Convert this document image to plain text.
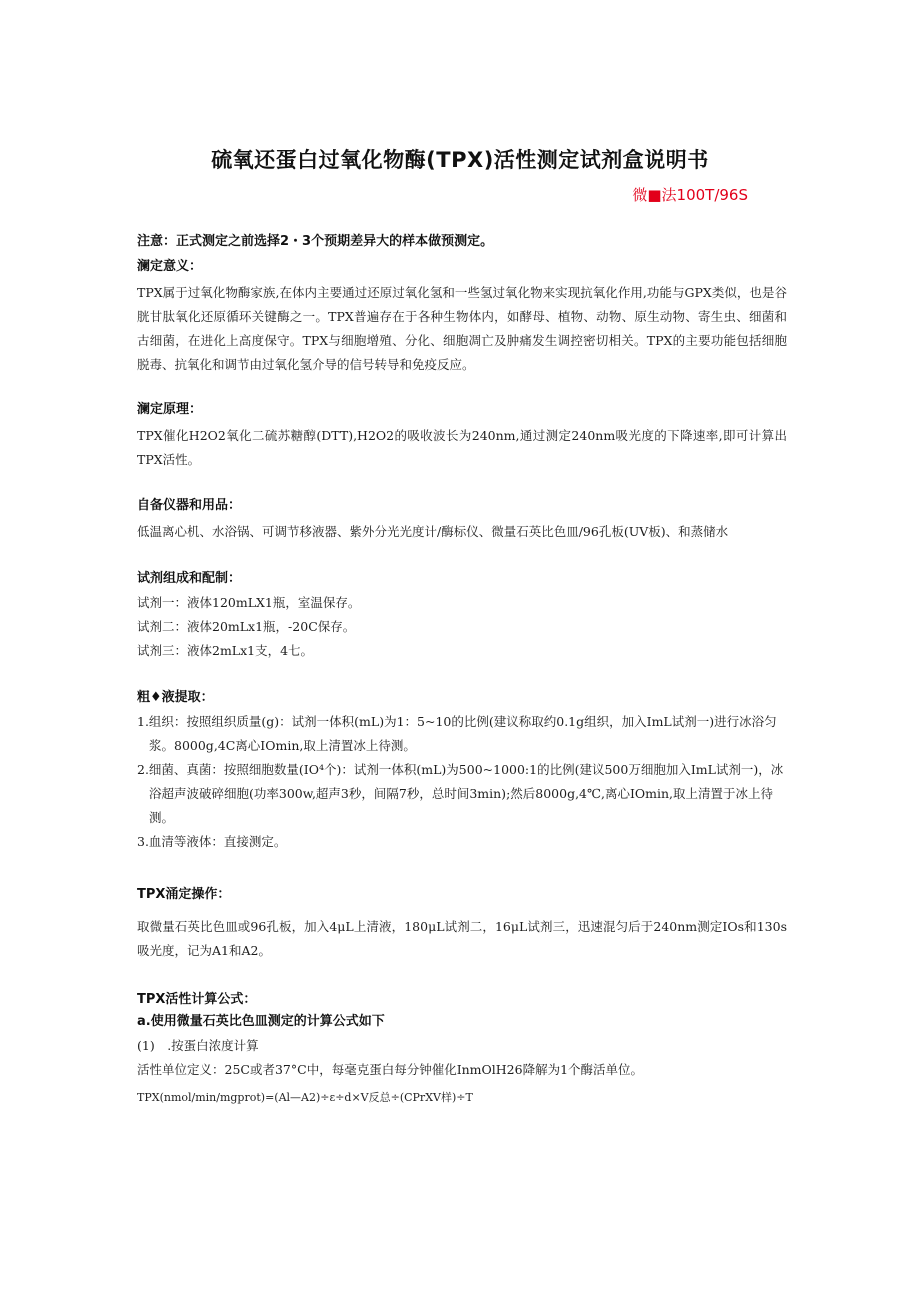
硫氧还蛋白过氧化物酶(TPX)活性测定试剂盒说明书
微■法100T/96S
注意：正式测定之前选择2・3个预期差异大的样本做预测定。
澜定意义：
TPX属于过氧化物酶家族,在体内主要通过还原过氧化氢和一些氢过氧化物来实现抗氧化作用,功能与GPX类似，也是谷胱甘肽氧化还原循环关键酶之一。TPX普遍存在于各种生物体内，如酵母、植物、动物、原生动物、寄生虫、细菌和古细菌，在进化上高度保守。TPX与细胞增殖、分化、细胞凋亡及肿痛发生调控密切相关。TPX的主要功能包括细胞脱毒、抗氧化和调节由过氧化氢介导的信号转导和免疫反应。
澜定原理：
TPX催化H2O2氧化二硫苏糖醇(DTT),H2O2的吸收波长为240nm,通过测定240nm吸光度的下降速率,即可计算出TPX活性。
自备仪器和用品：
低温离心机、水浴锅、可调节移液器、紫外分光光度计/酶标仪、微量石英比色皿/96孔板(UV板)、和蒸储水
试剂组成和配制：
试剂一：液体120mLX1瓶，室温保存。
试剂二：液体20mLx1瓶，-20C保存。
试剂三：液体2mLx1支，4七。
粗♦液提取：
1.组织：按照组织质量(g)：试剂一体积(mL)为1：5~10的比例(建议称取约0.1g组织，加入ImL试剂一)进行冰浴匀浆。8000g,4C离心IOmin,取上清置冰上待测。
2.细菌、真菌：按照细胞数量(IO⁴个)：试剂一体积(mL)为500~1000:1的比例(建议500万细胞加入ImL试剂一)，冰浴超声波破碎细胞(功率300w,超声3秒，间隔7秒，总时间3min);然后8000g,4℃,离心IOmin,取上清置于冰上待测。
3.血清等液体：直接测定。
TPX涌定操作：
取微量石英比色皿或96孔板，加入4μL上清液，180μL试剂二，16μL试剂三，迅速混匀后于240nm测定IOs和130s吸光度，记为A1和A2。
TPX活性计算公式：
a.使用微量石英比色皿测定的计算公式如下
(1)　.按蛋白浓度计算
活性单位定义：25C或者37°C中，每毫克蛋白每分钟催化InmOlH26降解为1个酶活单位。
TPX(nmol/min/mgprot)=(Al—A2)÷ε÷d×V反总÷(CPrXV样)÷T
